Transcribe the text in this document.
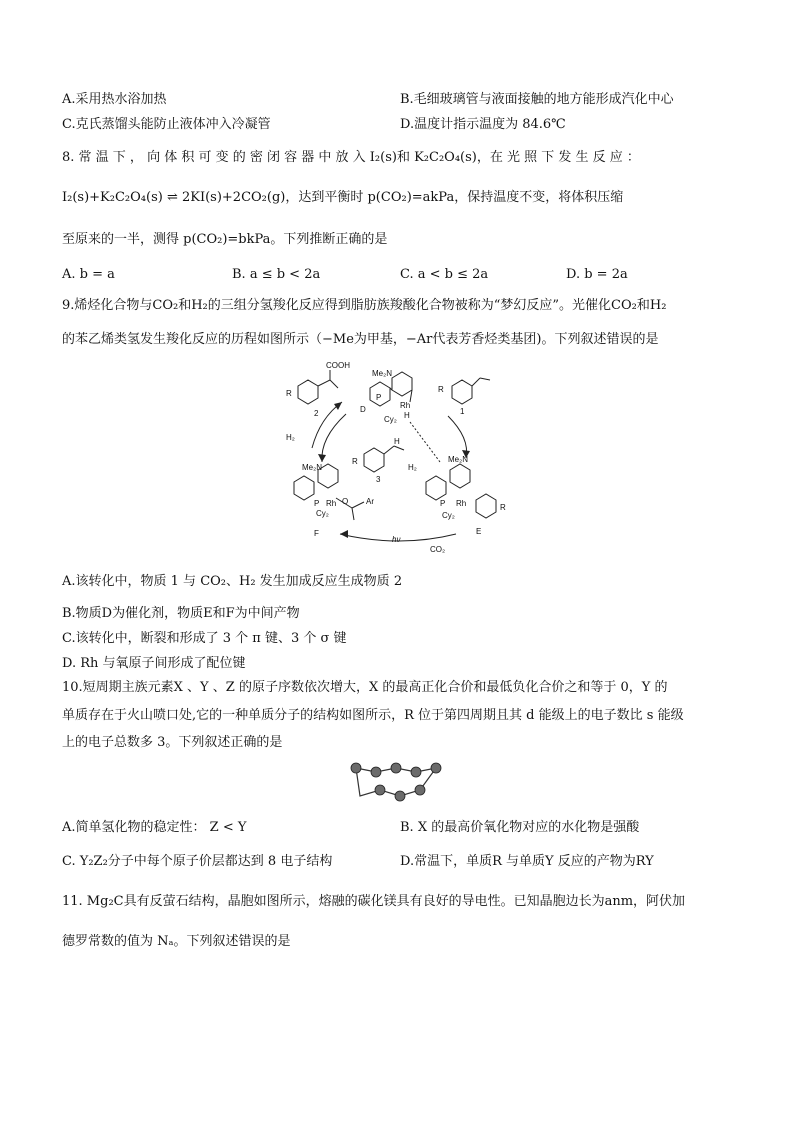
A.采用热水浴加热	B.毛细玻璃管与液面接触的地方能形成汽化中心
C.克氏蒸馏头能防止液体冲入冷凝管	D.温度计指示温度为 84.6℃
8. 常 温 下 ， 向 体 积 可 变 的 密 闭 容 器 中 放 入 I₂(s)和 K₂C₂O₄(s)，在 光 照 下 发 生 反 应 ：
I₂(s)+K₂C₂O₄(s) ⇌ 2KI(s)+2CO₂(g)，达到平衡时 p(CO₂)=akPa，保持温度不变，将体积压缩
至原来的一半，测得 p(CO₂)=bkPa。下列推断正确的是
A. b = a	B. a ≤ b < 2a	C. a < b ≤ 2a	D. b = 2a
9.烯烃化合物与CO₂和H₂的三组分氢羧化反应得到脂肪族羧酸化合物被称为“梦幻反应”。光催化CO₂和H₂
的苯乙烯类氢发生羧化反应的历程如图所示（−Me为甲基，−Ar代表芳香烃类基团)。下列叙述错误的是
COOH
R
2
Me₂N
D
P
Rh
H
Cy₂
R
1
H₂
R
H
3
H₂
Me₂N
P Rh O
Cy₂
Ar
F
Me₂N
P Rh
Cy₂
R
E
hν
CO₂
A.该转化中，物质 1 与 CO₂、H₂ 发生加成反应生成物质 2
B.物质D为催化剂，物质E和F为中间产物
C.该转化中，断裂和形成了 3 个 π 键、3 个 σ 键
D. Rh 与氧原子间形成了配位键
10.短周期主族元素X 、Y 、Z 的原子序数依次增大，X 的最高正化合价和最低负化合价之和等于 0，Y 的
单质存在于火山喷口处,它的一种单质分子的结构如图所示，R 位于第四周期且其 d 能级上的电子数比 s 能级
上的电子总数多 3。下列叙述正确的是
A.简单氢化物的稳定性： Z < Y	B. X 的最高价氧化物对应的水化物是强酸
C. Y₂Z₂分子中每个原子价层都达到 8 电子结构	D.常温下，单质R 与单质Y 反应的产物为RY
11. Mg₂C具有反萤石结构，晶胞如图所示，熔融的碳化镁具有良好的导电性。已知晶胞边长为anm，阿伏加
德罗常数的值为 Nₐ。下列叙述错误的是
